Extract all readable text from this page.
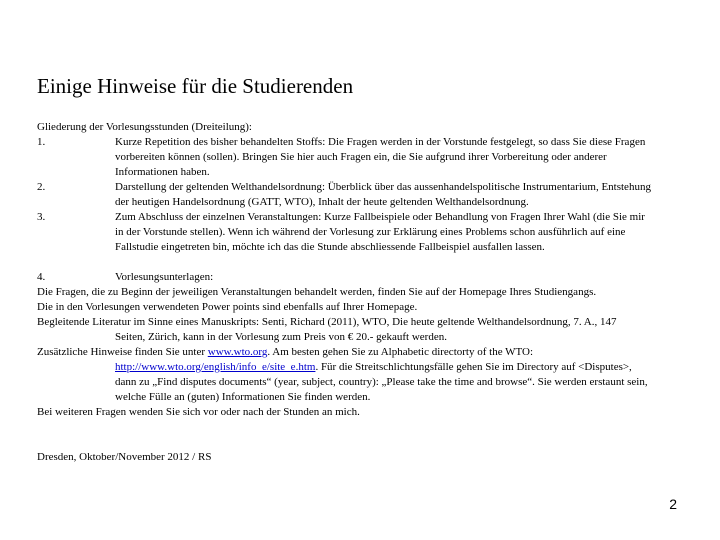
Einige Hinweise für die Studierenden
Gliederung der Vorlesungsstunden (Dreiteilung):
1.	Kurze Repetition des bisher behandelten Stoffs: Die Fragen werden in der Vorstunde festgelegt, so dass Sie diese Fragen
vorbereiten können (sollen). Bringen Sie hier auch Fragen ein, die Sie aufgrund ihrer Vorbereitung oder anderer
Informationen haben.
2.	Darstellung der geltenden Welthandelsordnung: Überblick über das aussenhandelspolitische Instrumentarium, Entstehung
der heutigen Handelsordnung (GATT, WTO), Inhalt der heute geltenden Welthandelsordnung.
3.	Zum Abschluss der einzelnen Veranstaltungen: Kurze Fallbeispiele oder Behandlung von Fragen Ihrer Wahl (die Sie mir
in der Vorstunde stellen). Wenn ich während der Vorlesung zur Erklärung eines Problems schon ausführlich auf eine
Fallstudie eingetreten bin, möchte ich das die Stunde abschliessende Fallbeispiel ausfallen lassen.
4.	Vorlesungsunterlagen:
Die Fragen, die zu Beginn der jeweiligen Veranstaltungen behandelt werden, finden Sie auf der Homepage Ihres Studiengangs.
Die in den Vorlesungen verwendeten Power points sind ebenfalls auf Ihrer Homepage.
Begleitende Literatur im Sinne eines Manuskripts: Senti, Richard (2011), WTO, Die heute geltende Welthandelsordnung, 7. A., 147
Seiten, Zürich, kann in der Vorlesung zum Preis von € 20.- gekauft werden.
Zusätzliche Hinweise finden Sie unter www.wto.org. Am besten gehen Sie zu Alphabetic directorty of the WTO:
http://www.wto.org/english/info_e/site_e.htm. Für die Streitschlichtungsfälle gehen Sie im Directory auf <Disputes>,
dann zu „Find disputes documents“ (year, subject, country): „Please take the time and browse“. Sie werden erstaunt sein,
welche Fülle an (guten) Informationen Sie finden werden.
Bei weiteren Fragen wenden Sie sich vor oder nach der Stunden an mich.
Dresden, Oktober/November 2012 / RS
2
